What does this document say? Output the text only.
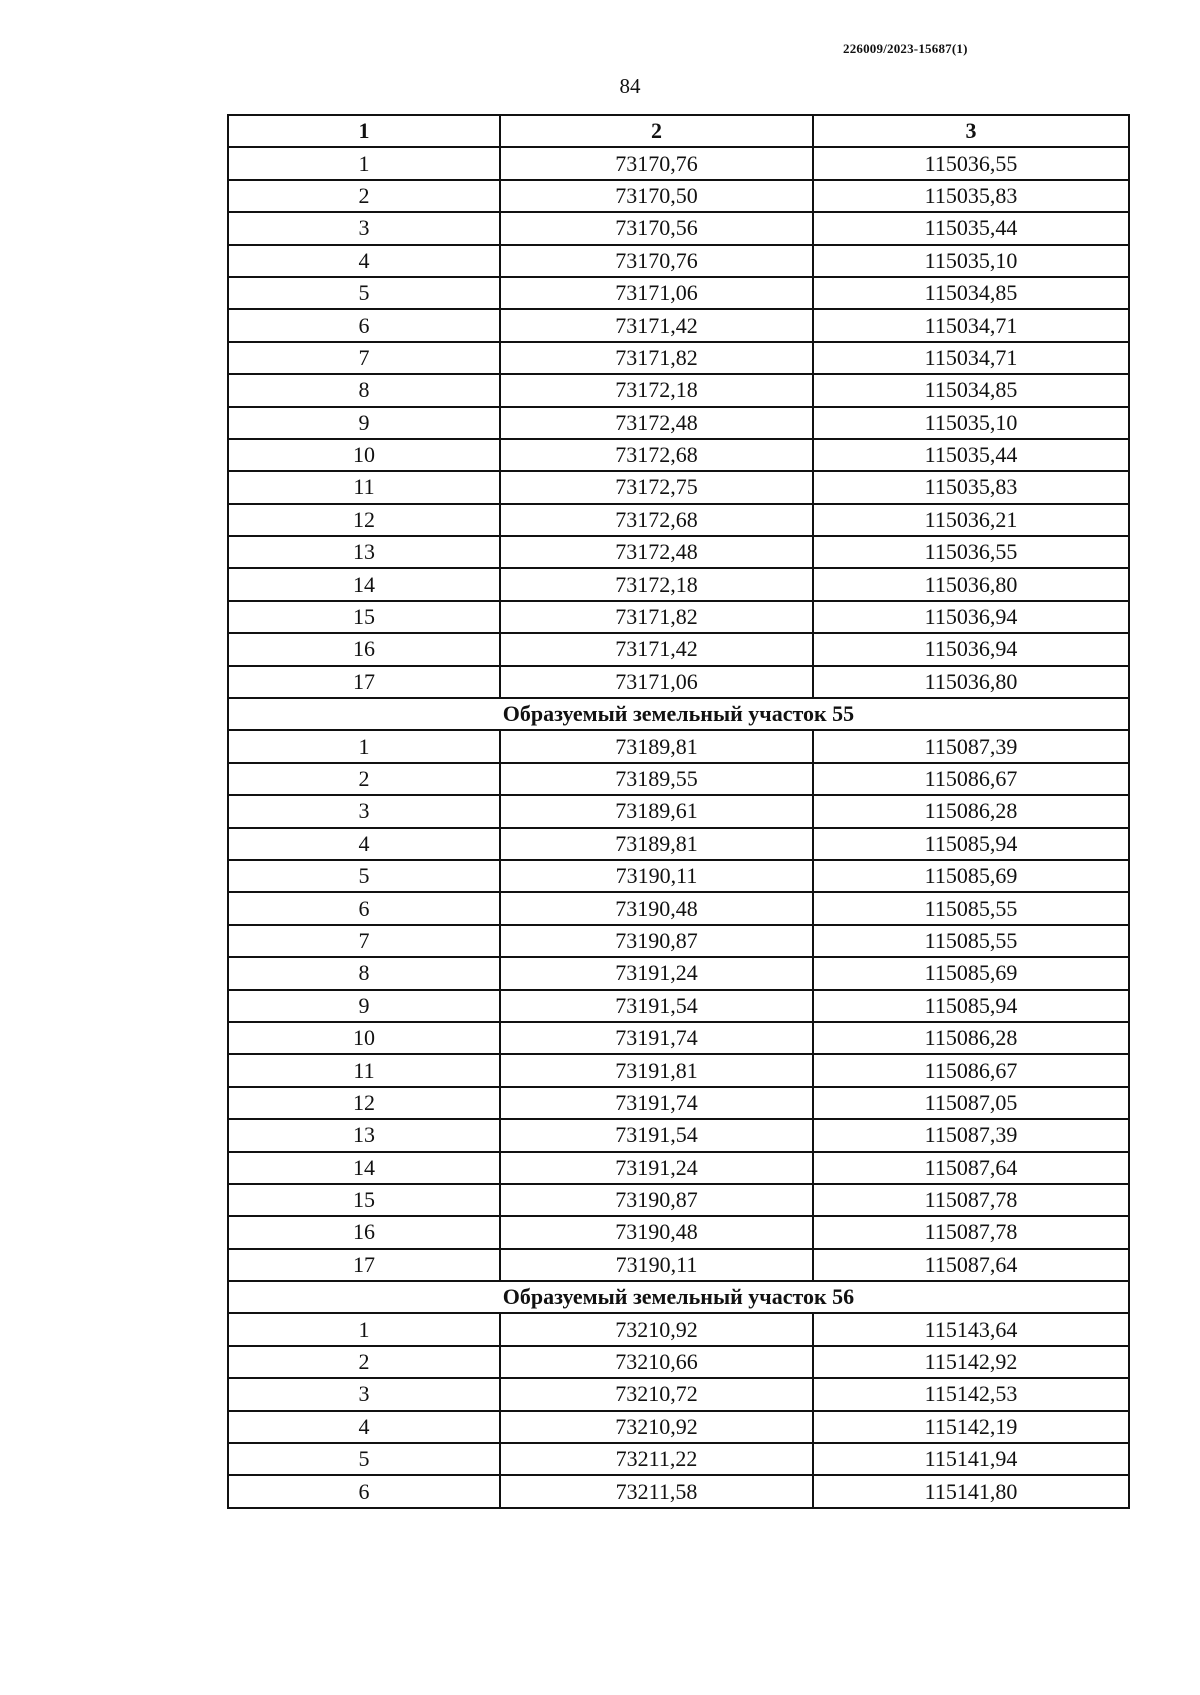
226009/2023-15687(1)
84
1	2	3
1	73170,76	115036,55
2	73170,50	115035,83
3	73170,56	115035,44
4	73170,76	115035,10
5	73171,06	115034,85
6	73171,42	115034,71
7	73171,82	115034,71
8	73172,18	115034,85
9	73172,48	115035,10
10	73172,68	115035,44
11	73172,75	115035,83
12	73172,68	115036,21
13	73172,48	115036,55
14	73172,18	115036,80
15	73171,82	115036,94
16	73171,42	115036,94
17	73171,06	115036,80
Образуемый земельный участок 55		
1	73189,81	115087,39
2	73189,55	115086,67
3	73189,61	115086,28
4	73189,81	115085,94
5	73190,11	115085,69
6	73190,48	115085,55
7	73190,87	115085,55
8	73191,24	115085,69
9	73191,54	115085,94
10	73191,74	115086,28
11	73191,81	115086,67
12	73191,74	115087,05
13	73191,54	115087,39
14	73191,24	115087,64
15	73190,87	115087,78
16	73190,48	115087,78
17	73190,11	115087,64
Образуемый земельный участок 56		
1	73210,92	115143,64
2	73210,66	115142,92
3	73210,72	115142,53
4	73210,92	115142,19
5	73211,22	115141,94
6	73211,58	115141,80
